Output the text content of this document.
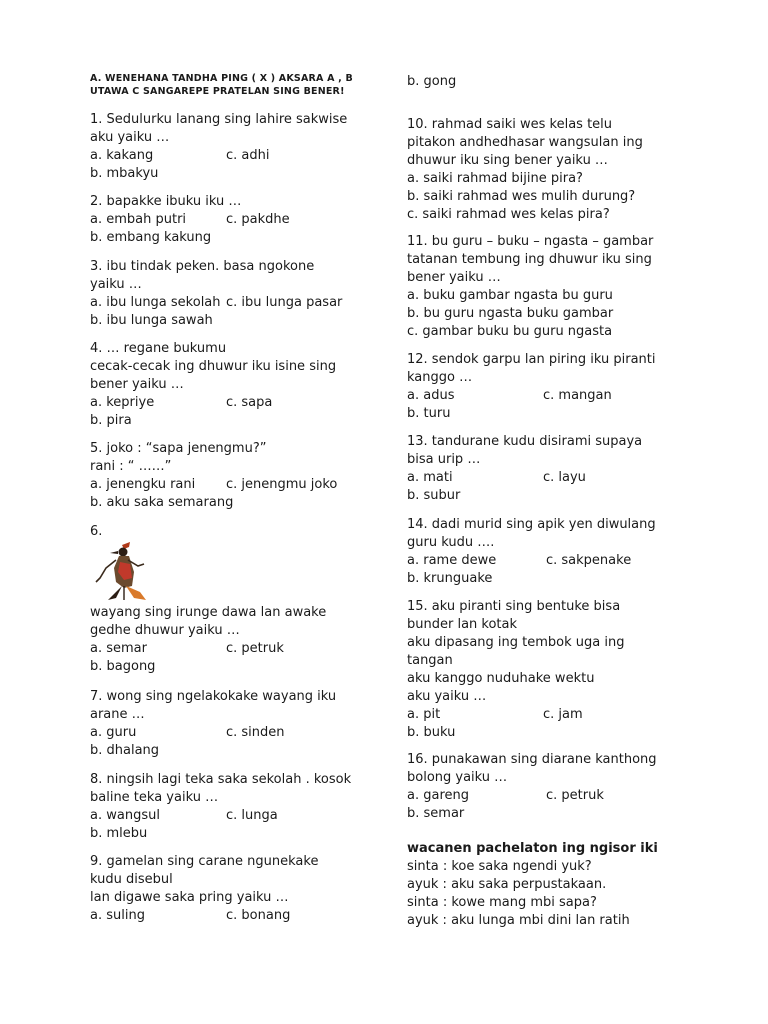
A. WENEHANA TANDHA PING ( X ) AKSARA A , B
UTAWA C SANGAREPE PRATELAN SING BENER!
1. Sedulurku lanang sing lahire sakwise
aku yaiku …
a. kakang	c. adhi
b. mbakyu
2. bapakke ibuku iku …
a. embah putri	c. pakdhe
b. embang kakung
3. ibu tindak peken. basa ngokone
yaiku …
a. ibu lunga sekolah c. ibu lunga pasar
b. ibu lunga sawah
4. … regane bukumu
cecak-cecak ing dhuwur iku isine sing
bener yaiku …
a. kepriye	c. sapa
b. pira
5. joko : “sapa jenengmu?”
rani : “ ……”
a. jenengku rani c. jenengmu joko
b. aku saka semarang
6.
wayang sing irunge dawa lan awake
gedhe dhuwur yaiku …
a. semar	c. petruk
b. bagong
7. wong sing ngelakokake wayang iku
arane …
a. guru	c. sinden
b. dhalang
8. ningsih lagi teka saka sekolah . kosok
baline teka yaiku …
a. wangsul	c. lunga
b. mlebu
9. gamelan sing carane ngunekake
kudu disebul
lan digawe saka pring yaiku …
a. suling	c. bonang
b. gong
10. rahmad saiki wes kelas telu
pitakon andhedhasar wangsulan ing
dhuwur iku sing bener yaiku …
a. saiki rahmad bijine pira?
b. saiki rahmad wes mulih durung?
c. saiki rahmad wes kelas pira?
11. bu guru – buku – ngasta – gambar
tatanan tembung ing dhuwur iku sing
bener yaiku …
a. buku gambar ngasta bu guru
b. bu guru ngasta buku gambar
c. gambar buku bu guru ngasta
12. sendok garpu lan piring iku piranti
kanggo …
a. adus	c. mangan
b. turu
13. tandurane kudu disirami supaya
bisa urip …
a. mati	c. layu
b. subur
14. dadi murid sing apik yen diwulang
guru kudu ….
a. rame dewe	c. sakpenake
b. krunguake
15. aku piranti sing bentuke bisa
bunder lan kotak
aku dipasang ing tembok uga ing
tangan
aku kanggo nuduhake wektu
aku yaiku …
a. pit	c. jam
b. buku
16. punakawan sing diarane kanthong
bolong yaiku …
a. gareng	c. petruk
b. semar
wacanen pachelaton ing ngisor iki
sinta : koe saka ngendi yuk?
ayuk : aku saka perpustakaan.
sinta : kowe mang mbi sapa?
ayuk : aku lunga mbi dini lan ratih
